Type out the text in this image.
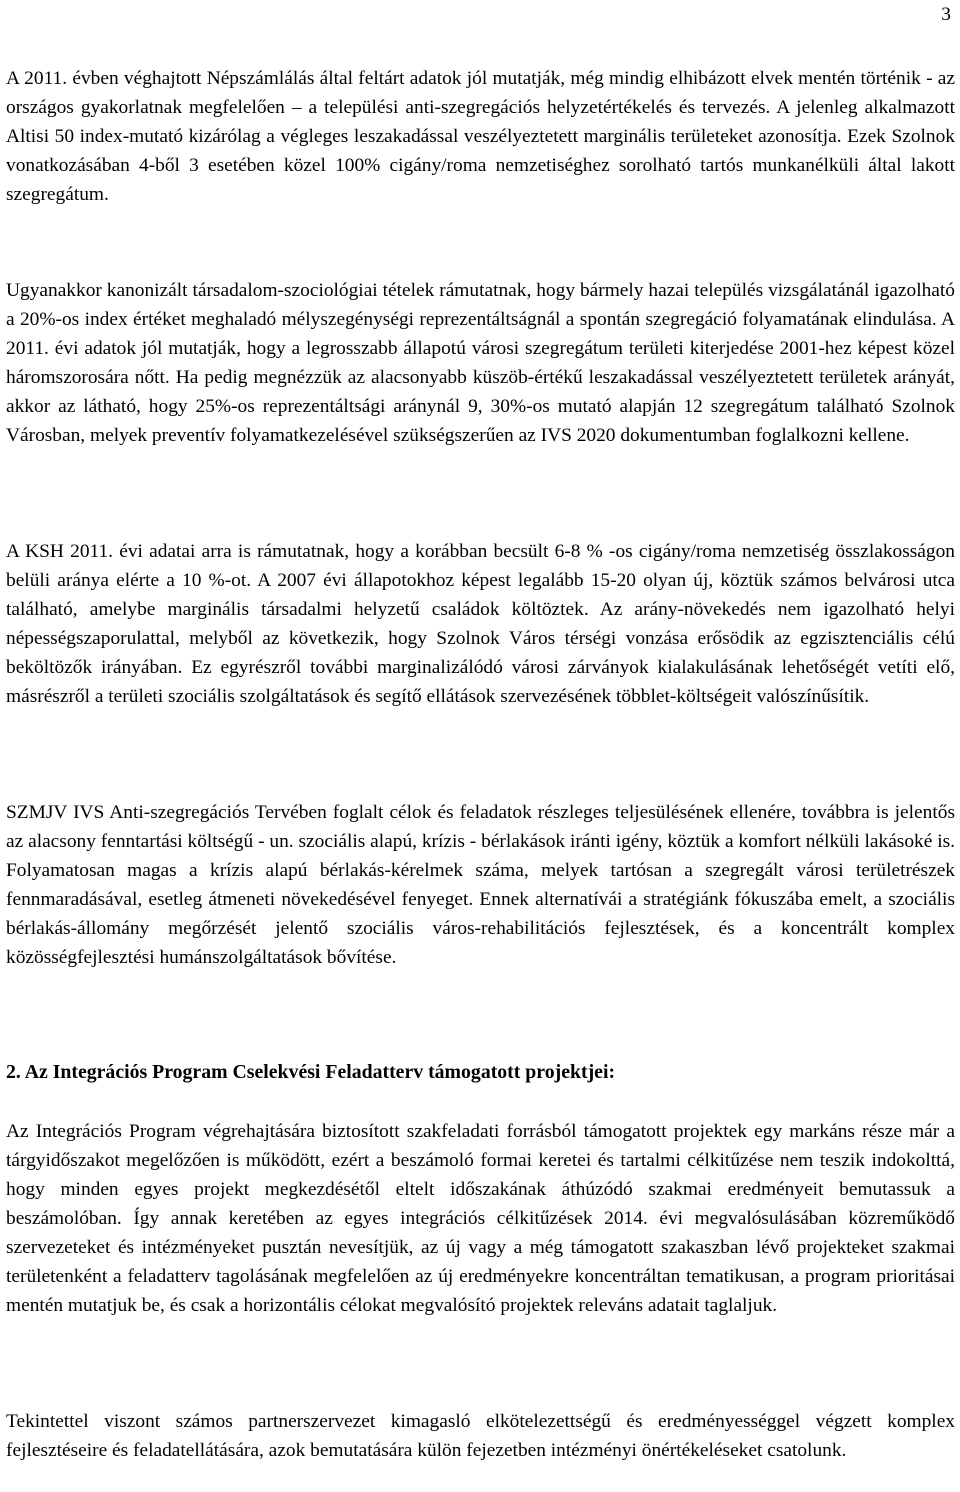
3

A 2011. évben véghajtott Népszámlálás által feltárt adatok jól mutatják, még mindig elhibázott elvek mentén történik - az országos gyakorlatnak megfelelően – a települési anti-szegregációs helyzetértékelés és tervezés. A jelenleg alkalmazott Altisi 50 index-mutató kizárólag a végleges leszakadással veszélyeztetett marginális területeket azonosítja. Ezek Szolnok vonatkozásában 4-ből 3 esetében közel 100% cigány/roma nemzetiséghez sorolható tartós munkanélküli által lakott szegregátum.

Ugyanakkor kanonizált társadalom-szociológiai tételek rámutatnak, hogy bármely hazai település vizsgálatánál igazolható a 20%-os index értéket meghaladó mélyszegénységi reprezentáltságnál a spontán szegregáció folyamatának elindulása. A 2011. évi adatok jól mutatják, hogy a legrosszabb állapotú városi szegregátum területi kiterjedése 2001-hez képest közel háromszorosára nőtt. Ha pedig megnézzük az alacsonyabb küszöb-értékű leszakadással veszélyeztetett területek arányát, akkor az látható, hogy 25%-os reprezentáltsági aránynál 9, 30%-os mutató alapján 12 szegregátum található Szolnok Városban, melyek preventív folyamatkezelésével szükségszerűen az IVS 2020 dokumentumban foglalkozni kellene.

A KSH 2011. évi adatai arra is rámutatnak, hogy a korábban becsült 6-8 % -os cigány/roma nemzetiség összlakosságon belüli aránya elérte a 10 %-ot. A 2007 évi állapotokhoz képest legalább 15-20 olyan új, köztük számos belvárosi utca található, amelybe marginális társadalmi helyzetű családok költöztek. Az arány-növekedés nem igazolható helyi népességszaporulattal, melyből az következik, hogy Szolnok Város térségi vonzása erősödik az egzisztenciális célú beköltözők irányában. Ez egyrészről további marginalizálódó városi zárványok kialakulásának lehetőségét vetíti elő, másrészről a területi szociális szolgáltatások és segítő ellátások szervezésének többlet-költségeit valószínűsítik.

SZMJV IVS Anti-szegregációs Tervében foglalt célok és feladatok részleges teljesülésének ellenére, továbbra is jelentős az alacsony fenntartási költségű - un. szociális alapú, krízis - bérlakások iránti igény, köztük a komfort nélküli lakásoké is. Folyamatosan magas a krízis alapú bérlakás-kérelmek száma, melyek tartósan a szegregált városi területrészek fennmaradásával, esetleg átmeneti növekedésével fenyeget. Ennek alternatívái a stratégiánk fókuszába emelt, a szociális bérlakás-állomány megőrzését jelentő szociális város-rehabilitációs fejlesztések, és a koncentrált komplex közösségfejlesztési humánszolgáltatások bővítése.

2. Az Integrációs Program Cselekvési Feladatterv támogatott projektjei:

Az Integrációs Program végrehajtására biztosított szakfeladati forrásból támogatott projektek egy markáns része már a tárgyidőszakot megelőzően is működött, ezért a beszámoló formai keretei és tartalmi célkitűzése nem teszik indokolttá, hogy minden egyes projekt megkezdésétől eltelt időszakának áthúzódó szakmai eredményeit bemutassuk a beszámolóban. Így annak keretében az egyes integrációs célkitűzések 2014. évi megvalósulásában közreműködő szervezeteket és intézményeket pusztán nevesítjük, az új vagy a még támogatott szakaszban lévő projekteket szakmai területenként a feladatterv tagolásának megfelelően az új eredményekre koncentráltan tematikusan, a program prioritásai mentén mutatjuk be, és csak a horizontális célokat megvalósító projektek releváns adatait taglaljuk.

Tekintettel viszont számos partnerszervezet kimagasló elkötelezettségű és eredményességgel végzett komplex fejlesztéseire és feladatellátására, azok bemutatására külön fejezetben intézményi önértékeléseket csatolunk.
